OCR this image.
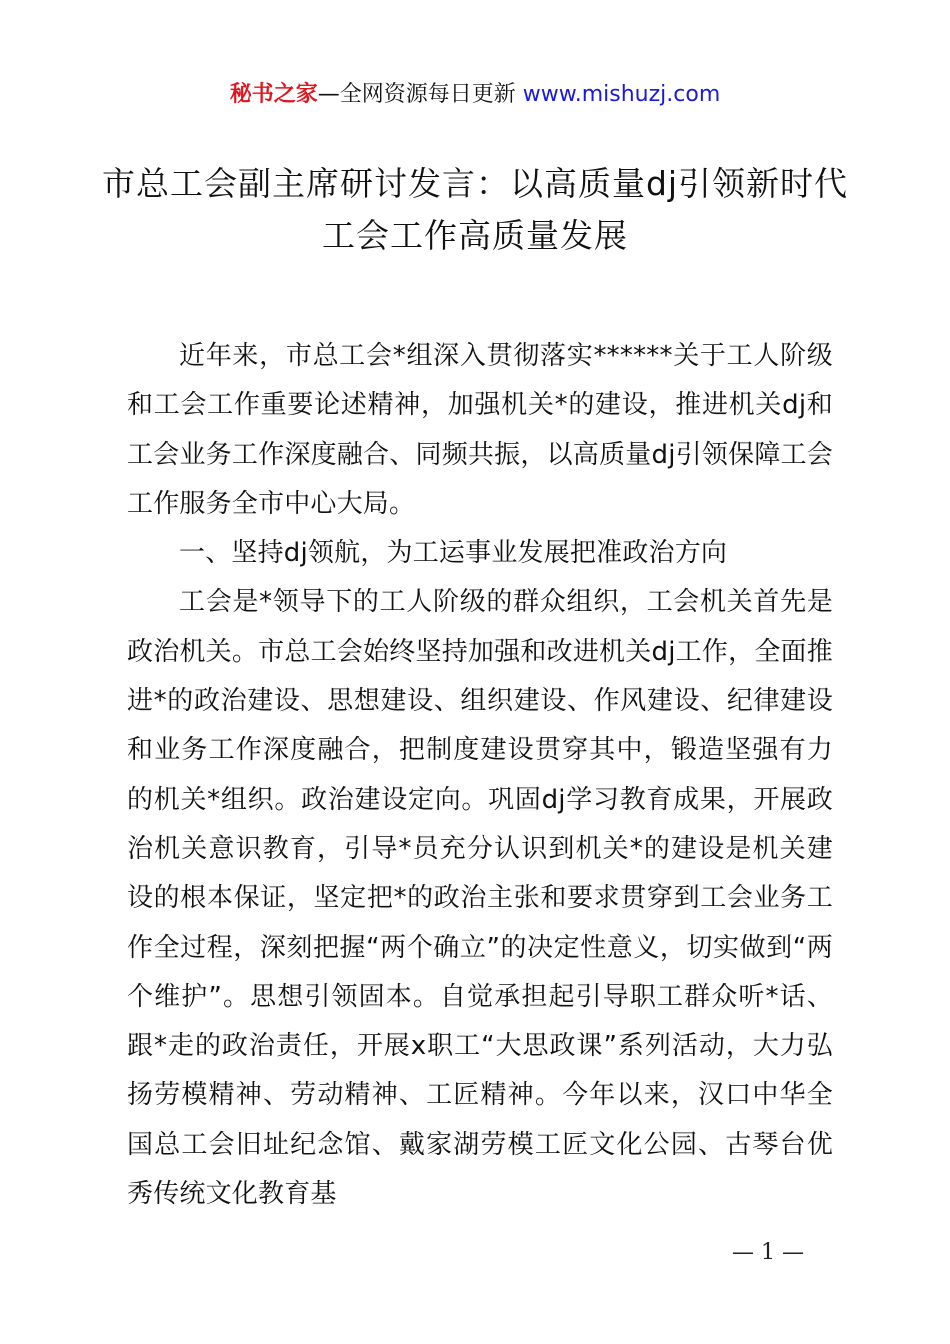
秘书之家—全网资源每日更新 www.mishuzj.com
市总工会副主席研讨发言：以高质量dj引领新时代工会工作高质量发展

近年来，市总工会*组深入贯彻落实******关于工人阶级和工会工作重要论述精神，加强机关*的建设，推进机关dj和工会业务工作深度融合、同频共振，以高质量dj引领保障工会工作服务全市中心大局。

一、坚持dj领航，为工运事业发展把准政治方向

工会是*领导下的工人阶级的群众组织，工会机关首先是政治机关。市总工会始终坚持加强和改进机关dj工作，全面推进*的政治建设、思想建设、组织建设、作风建设、纪律建设和业务工作深度融合，把制度建设贯穿其中，锻造坚强有力的机关*组织。政治建设定向。巩固dj学习教育成果，开展政治机关意识教育，引导*员充分认识到机关*的建设是机关建设的根本保证，坚定把*的政治主张和要求贯穿到工会业务工作全过程，深刻把握“两个确立”的决定性意义，切实做到“两个维护”。思想引领固本。自觉承担起引导职工群众听*话、跟*走的政治责任，开展x职工“大思政课”系列活动，大力弘扬劳模精神、劳动精神、工匠精神。今年以来，汉口中华全国总工会旧址纪念馆、戴家湖劳模工匠文化公园、古琴台优秀传统文化教育基

— 1 —
